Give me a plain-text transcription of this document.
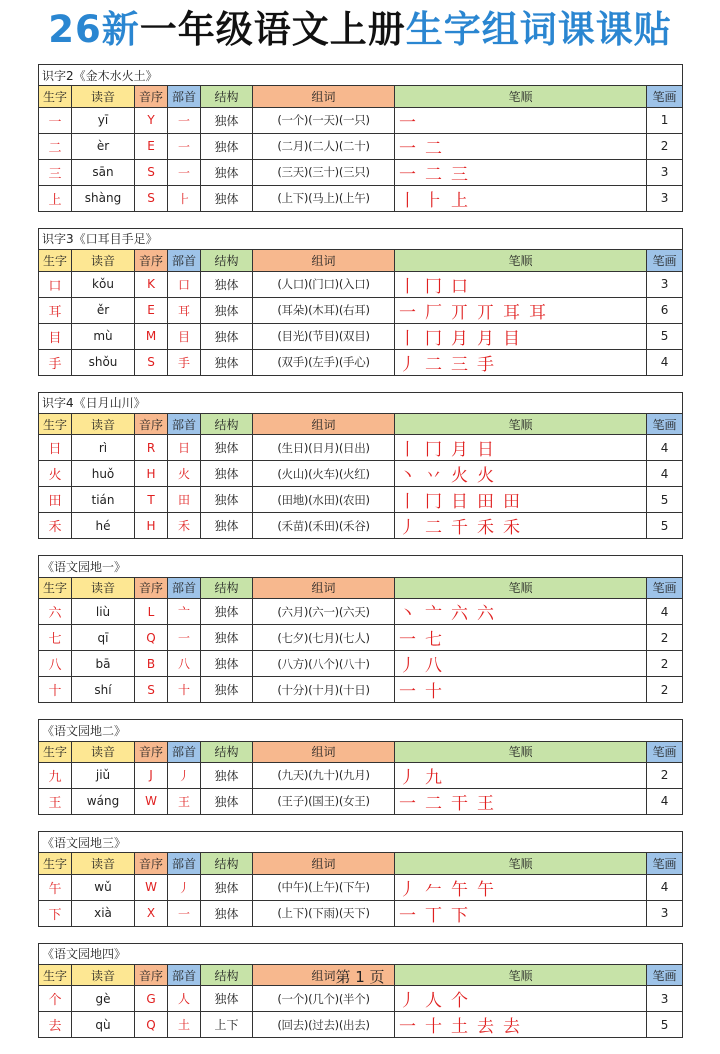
26新一年级语文上册生字组词课课贴
识字2《金木水火土》							
生字	读音	音序	部首	结构	组词	笔顺	笔画
一	yī	Y	一	独体	(一个)(一天)(一只)	一	1
二	èr	E	一	独体	(二月)(二人)(二十)	一 二	2
三	sān	S	一	独体	(三天)(三十)(三只)	一 二 三	3
上	shàng	S	⺊	独体	(上下)(马上)(上午)	丨 ⺊ 上	3
识字3《口耳目手足》							
生字	读音	音序	部首	结构	组词	笔顺	笔画
口	kǒu	K	口	独体	(人口)(门口)(入口)	丨 冂 口	3
耳	ěr	E	耳	独体	(耳朵)(木耳)(右耳)	一 厂 丌 丌 耳 耳	6
目	mù	M	目	独体	(目光)(节目)(双目)	丨 冂 月 月 目	5
手	shǒu	S	手	独体	(双手)(左手)(手心)	丿 二 三 手	4
识字4《日月山川》							
生字	读音	音序	部首	结构	组词	笔顺	笔画
日	rì	R	日	独体	(生日)(日月)(日出)	丨 冂 月 日	4
火	huǒ	H	火	独体	(火山)(火车)(火红)	丶 丷 火 火	4
田	tián	T	田	独体	(田地)(水田)(农田)	丨 冂 日 田 田	5
禾	hé	H	禾	独体	(禾苗)(禾田)(禾谷)	丿 二 千 禾 禾	5
《语文园地一》							
生字	读音	音序	部首	结构	组词	笔顺	笔画
六	liù	L	亠	独体	(六月)(六一)(六天)	丶 亠 六 六	4
七	qī	Q	一	独体	(七夕)(七月)(七人)	一 七	2
八	bā	B	八	独体	(八方)(八个)(八十)	丿 八	2
十	shí	S	十	独体	(十分)(十月)(十日)	一 十	2
《语文园地二》							
生字	读音	音序	部首	结构	组词	笔顺	笔画
九	jiǔ	J	丿	独体	(九天)(九十)(九月)	丿 九	2
王	wáng	W	王	独体	(王子)(国王)(女王)	一 二 干 王	4
《语文园地三》							
生字	读音	音序	部首	结构	组词	笔顺	笔画
午	wǔ	W	丿	独体	(中午)(上午)(下午)	丿 𠂉 午 午	4
下	xià	X	一	独体	(上下)(下雨)(天下)	一 丅 下	3
《语文园地四》							
生字	读音	音序	部首	结构	组词	笔顺	笔画
个	gè	G	人	独体	(一个)(几个)(半个)	丿 人 个	3
去	qù	Q	土	上下	(回去)(过去)(出去)	一 十 土 去 去	5
第 1 页
